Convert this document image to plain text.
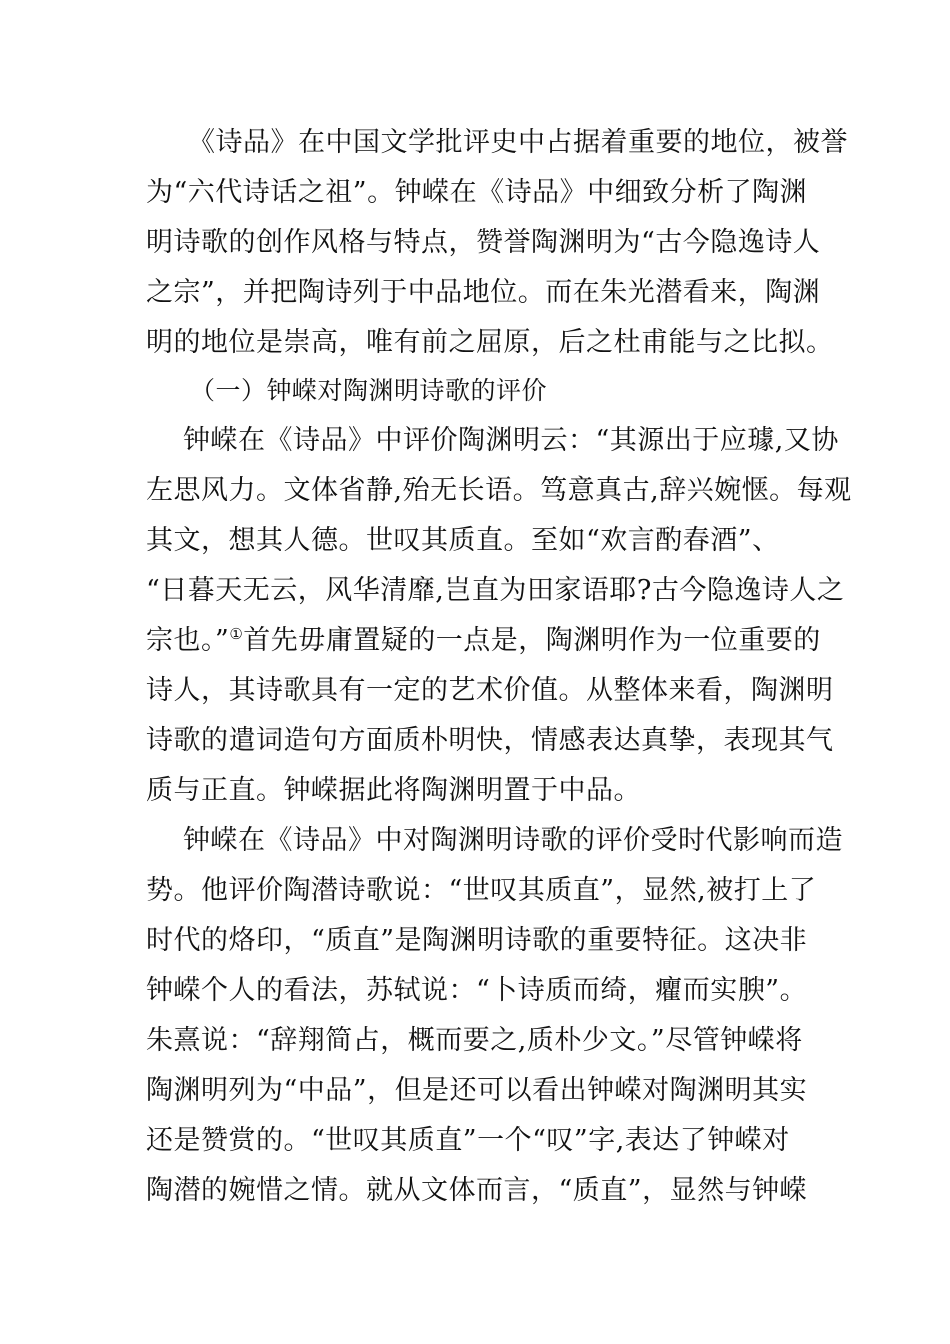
《诗品》在中国文学批评史中占据着重要的地位，被誉
为“六代诗话之祖”。钟嵘在《诗品》中细致分析了陶渊
明诗歌的创作风格与特点，赞誉陶渊明为“古今隐逸诗人
之宗”，并把陶诗列于中品地位。而在朱光潜看来，陶渊
明的地位是崇高，唯有前之屈原，后之杜甫能与之比拟。
（一）钟嵘对陶渊明诗歌的评价
钟嵘在《诗品》中评价陶渊明云：“其源出于应璩,又协
左思风力。文体省静,殆无长语。笃意真古,辞兴婉惬。每观
其文，想其人德。世叹其质直。至如“欢言酌春酒”、
“日暮天无云，风华清靡,岂直为田家语耶?古今隐逸诗人之
宗也。”①首先毋庸置疑的一点是，陶渊明作为一位重要的
诗人，其诗歌具有一定的艺术价值。从整体来看，陶渊明
诗歌的遣词造句方面质朴明快，情感表达真挚，表现其气
质与正直。钟嵘据此将陶渊明置于中品。
钟嵘在《诗品》中对陶渊明诗歌的评价受时代影响而造
势。他评价陶潜诗歌说：“世叹其质直”，显然,被打上了
时代的烙印，“质直”是陶渊明诗歌的重要特征。这决非
钟嵘个人的看法，苏轼说：“卜诗质而绮，癯而实腴”。
朱熹说：“辞翔简占，概而要之,质朴少文。”尽管钟嵘将
陶渊明列为“中品”，但是还可以看出钟嵘对陶渊明其实
还是赞赏的。“世叹其质直”一个“叹”字,表达了钟嵘对
陶潜的婉惜之情。就从文体而言，“质直”，显然与钟嵘
